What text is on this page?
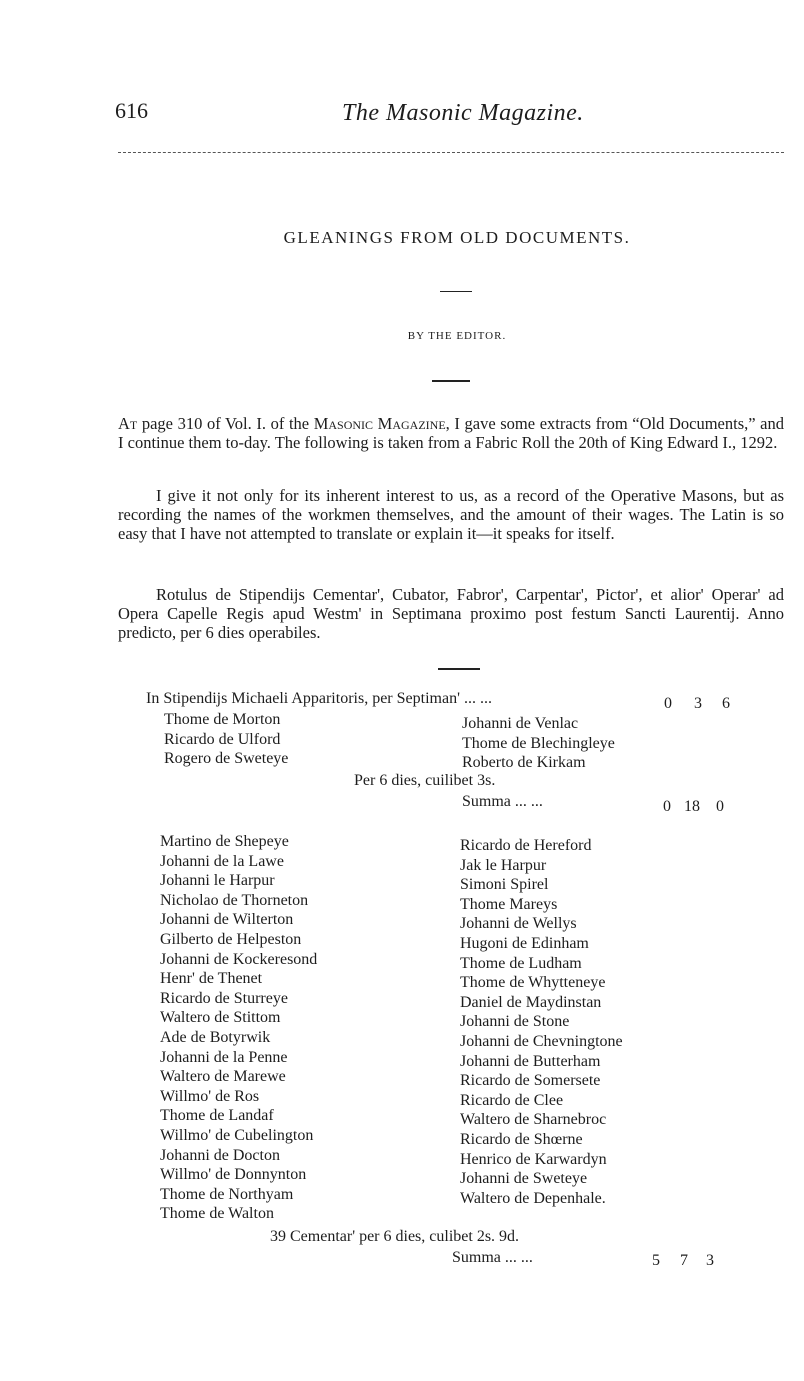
616	The Masonic Magazine.
GLEANINGS FROM OLD DOCUMENTS.
BY THE EDITOR.

At page 310 of Vol. I. of the Masonic Magazine, I gave some extracts from “Old Documents,” and I continue them to-day. The following is taken from a Fabric Roll the 20th of King Edward I., 1292.

I give it not only for its inherent interest to us, as a record of the Operative Masons, but as recording the names of the workmen themselves, and the amount of their wages. The Latin is so easy that I have not attempted to translate or explain it—it speaks for itself.

Rotulus de Stipendijs Cementar', Cubator, Fabror', Carpentar', Pictor', et alior' Operar' ad Opera Capelle Regis apud Westm' in Septimana proximo post festum Sancti Laurentij. Anno predicto, per 6 dies operabiles.

In Stipendijs Michaeli Apparitoris, per Septiman' ... ...	0 3 6
Thome de Morton
Ricardo de Ulford
Rogero de Sweteye
Johanni de Venlac
Thome de Blechingleye
Roberto de Kirkam
Per 6 dies, cuilibet 3s.
Summa ... ...	0 18 0
Martino de Shepeye
Johanni de la Lawe
Johanni le Harpur
Nicholao de Thorneton
Johanni de Wilterton
Gilberto de Helpeston
Johanni de Kockeresond
Henr' de Thenet
Ricardo de Sturreye
Waltero de Stittom
Ade de Botyrwik
Johanni de la Penne
Waltero de Marewe
Willmo' de Ros
Thome de Landaf
Willmo' de Cubelington
Johanni de Docton
Willmo' de Donnynton
Thome de Northyam
Thome de Walton
Ricardo de Hereford
Jak le Harpur
Simoni Spirel
Thome Mareys
Johanni de Wellys
Hugoni de Edinham
Thome de Ludham
Thome de Whytteneye
Daniel de Maydinstan
Johanni de Stone
Johanni de Chevningtone
Johanni de Butterham
Ricardo de Somersete
Ricardo de Clee
Waltero de Sharnebroc
Ricardo de Shœrne
Henrico de Karwardyn
Johanni de Sweteye
Waltero de Depenhale.
39 Cementar' per 6 dies, culibet 2s. 9d.
Summa ... ...	5 7 3
